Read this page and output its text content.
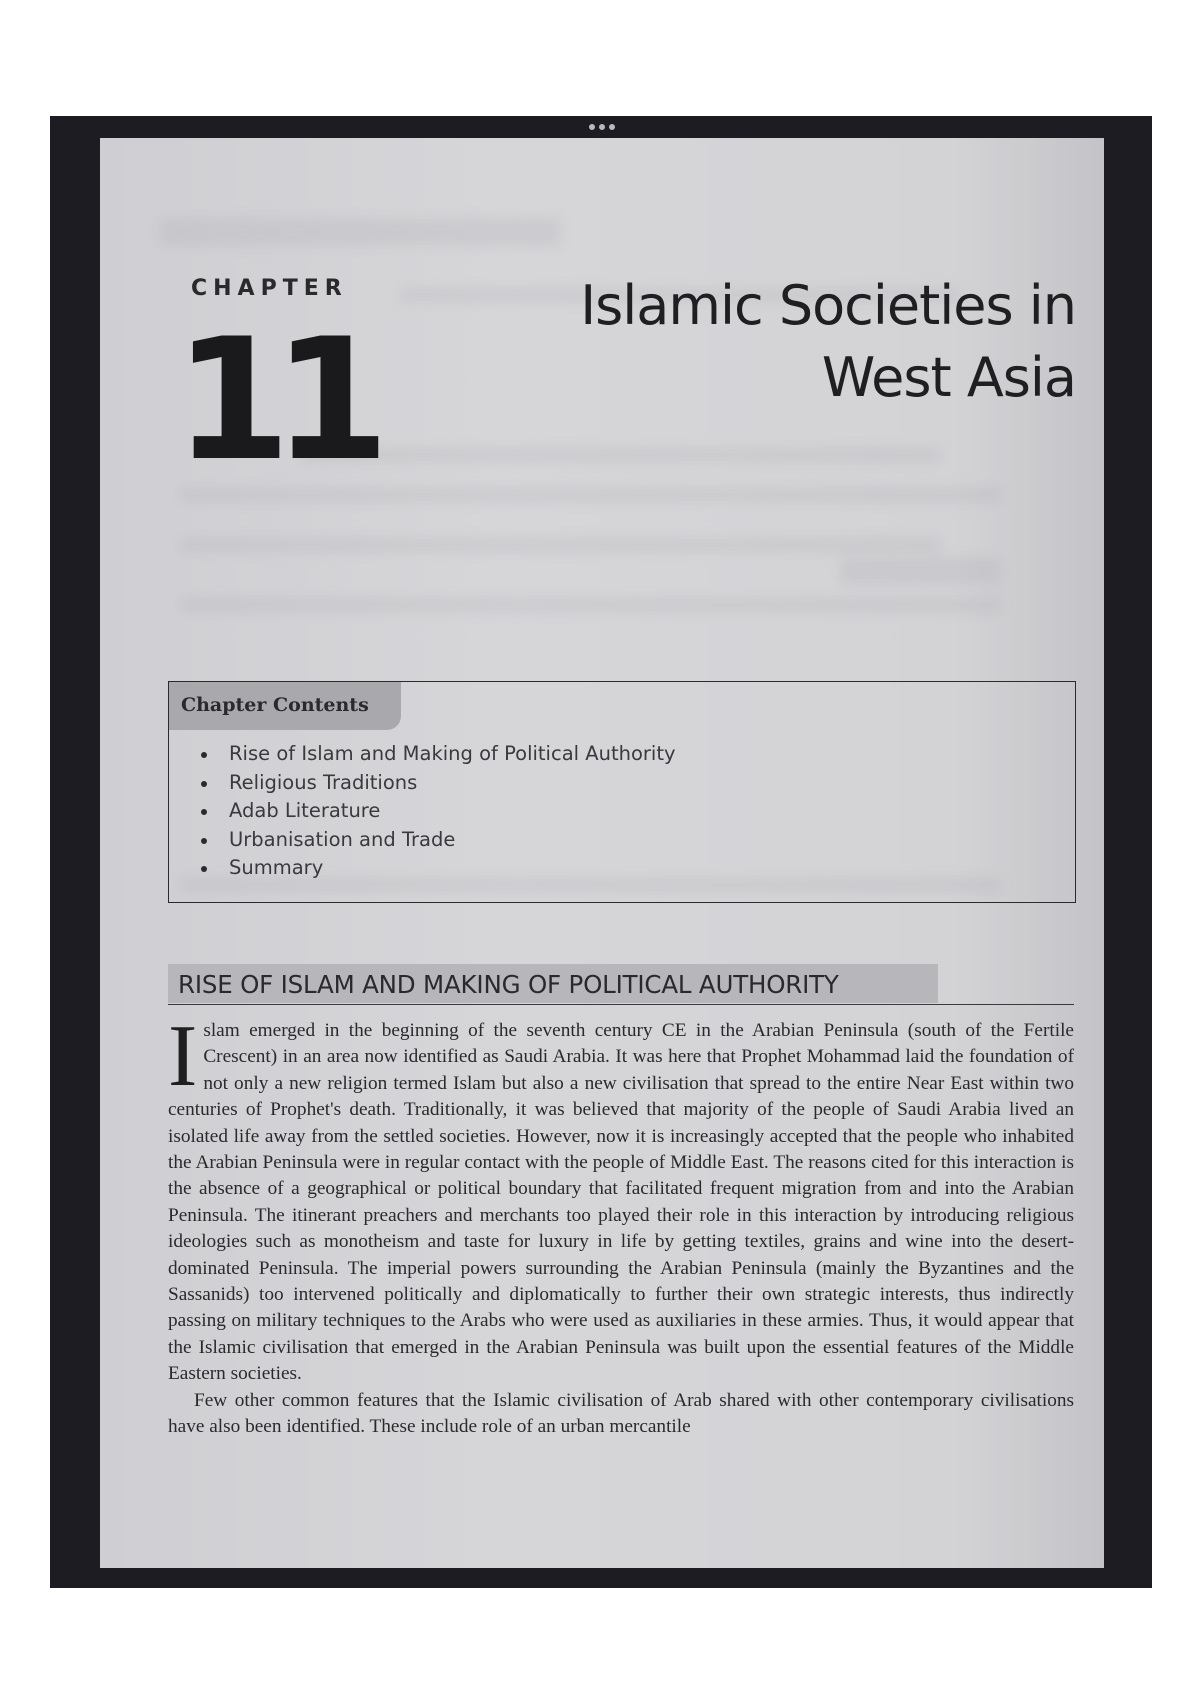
CHAPTER
11	Islamic Societies in
West Asia
Chapter Contents
Rise of Islam and Making of Political Authority
Religious Traditions
Adab Literature
Urbanisation and Trade
Summary
RISE OF ISLAM AND MAKING OF POLITICAL AUTHORITY

Islam emerged in the beginning of the seventh century CE in the Arabian Peninsula (south of the Fertile Crescent) in an area now identified as Saudi Arabia. It was here that Prophet Mohammad laid the foundation of not only a new religion termed Islam but also a new civilisation that spread to the entire Near East within two centuries of Prophet's death. Traditionally, it was believed that majority of the people of Saudi Arabia lived an isolated life away from the settled societies. However, now it is increasingly accepted that the people who inhabited the Arabian Peninsula were in regular contact with the people of Middle East. The reasons cited for this interaction is the absence of a geographical or political boundary that facilitated frequent migration from and into the Arabian Peninsula. The itinerant preachers and merchants too played their role in this interaction by introducing religious ideologies such as monotheism and taste for luxury in life by getting textiles, grains and wine into the desert-dominated Peninsula. The imperial powers surrounding the Arabian Peninsula (mainly the Byzantines and the Sassanids) too intervened politically and diplomatically to further their own strategic interests, thus indirectly passing on military techniques to the Arabs who were used as auxiliaries in these armies. Thus, it would appear that the Islamic civilisation that emerged in the Arabian Peninsula was built upon the essential features of the Middle Eastern societies.

Few other common features that the Islamic civilisation of Arab shared with other contemporary civilisations have also been identified. These include role of an urban mercantile
